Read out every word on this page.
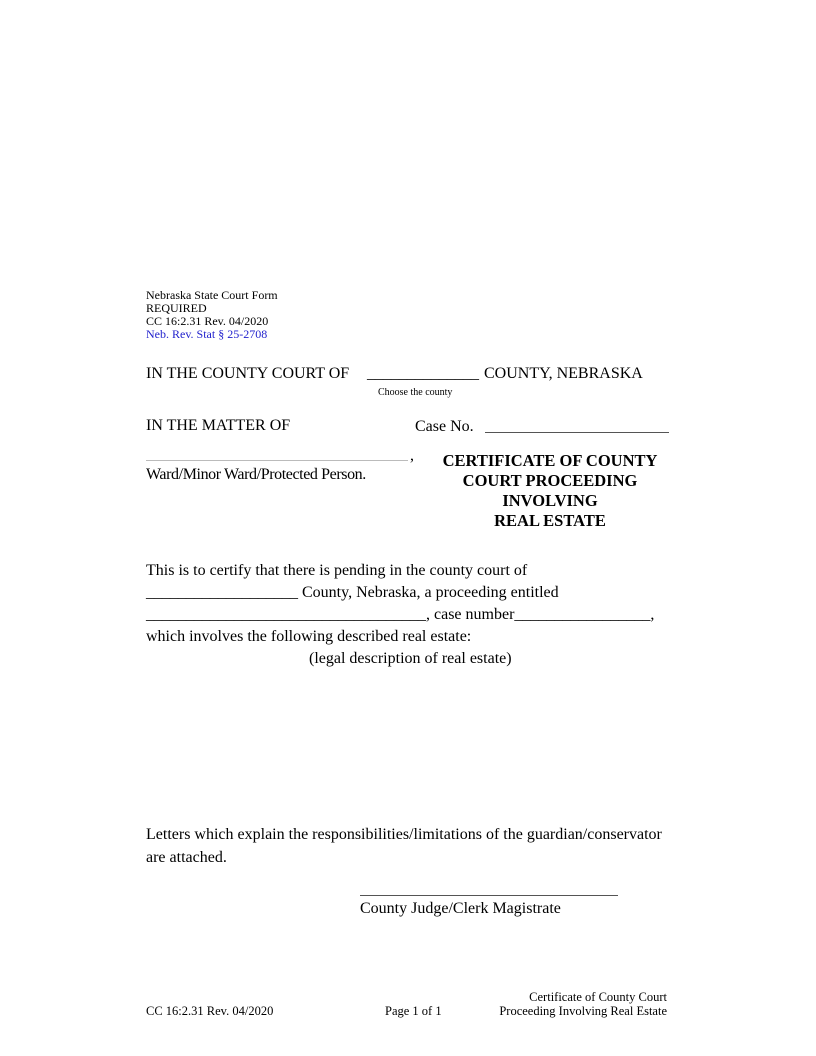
Nebraska State Court Form
REQUIRED
CC 16:2.31 Rev. 04/2020
Neb. Rev. Stat § 25-2708
IN THE COUNTY COURT OF ______________ COUNTY, NEBRASKA
Choose the county
IN THE MATTER OF	Case No.
,
Ward/Minor Ward/Protected Person.
CERTIFICATE OF COUNTY
COURT PROCEEDING
INVOLVING
REAL ESTATE
This is to certify that there is pending in the county court of
___________________ County, Nebraska, a proceeding entitled
___________________________________, case number_________________,
which involves the following described real estate:
(legal description of real estate)
Letters which explain the responsibilities/limitations of the guardian/conservator
are attached.
County Judge/Clerk Magistrate
CC 16:2.31 Rev. 04/2020	Page 1 of 1
Certificate of County Court
Proceeding Involving Real Estate
